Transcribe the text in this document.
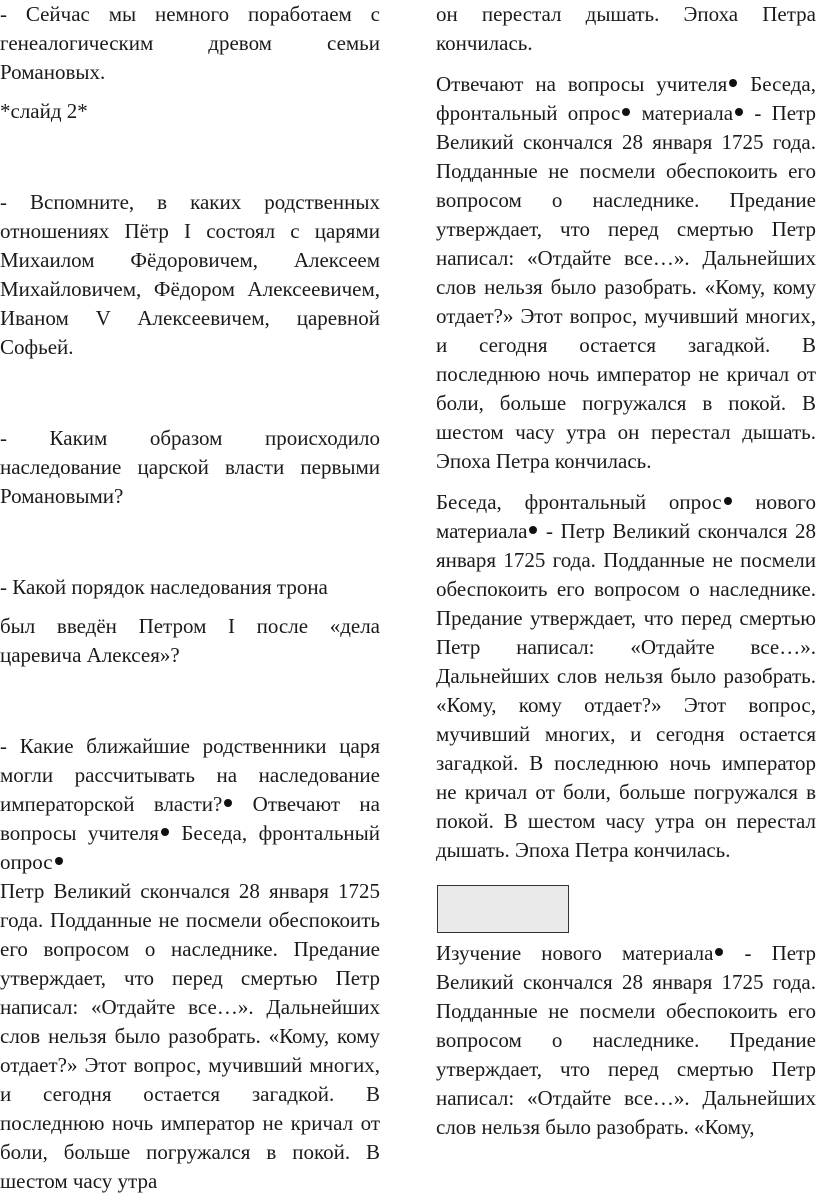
- Сейчас мы немного поработаем с генеалогическим древом семьи Романовых.

*слайд 2*

- Вспомните, в каких родственных отношениях Пётр I состоял с царями Михаилом Фёдоровичем, Алексеем Михайловичем, Фёдором Алексеевичем, Иваном V Алексеевичем, царевной Софьей.

- Каким образом происходило наследование царской власти первыми Романовыми?

- Какой порядок наследования трона

был введён Петром I после «дела царевича Алексея»?

- Какие ближайшие родственники царя могли рассчитывать на наследование императорской власти? Отвечают на вопросы учителя Беседа, фронтальный опрос

Петр Великий скончался 28 января 1725 года. Подданные не посмели обеспокоить его вопросом о наследнике. Предание утверждает, что перед смертью Петр написал: «Отдайте все…». Дальнейших слов нельзя было разобрать. «Кому, кому отдает?» Этот вопрос, мучивший многих, и сегодня остается загадкой. В последнюю ночь император не кричал от боли, больше погружался в покой. В шестом часу утра

он перестал дышать. Эпоха Петра кончилась.

Отвечают на вопросы учителя Беседа, фронтальный опрос материала - Петр Великий скончался 28 января 1725 года. Подданные не посмели обеспокоить его вопросом о наследнике. Предание утверждает, что перед смертью Петр написал: «Отдайте все…». Дальнейших слов нельзя было разобрать. «Кому, кому отдает?» Этот вопрос, мучивший многих, и сегодня остается загадкой. В последнюю ночь император не кричал от боли, больше погружался в покой. В шестом часу утра он перестал дышать. Эпоха Петра кончилась.

Беседа, фронтальный опрос нового материала - Петр Великий скончался 28 января 1725 года. Подданные не посмели обеспокоить его вопросом о наследнике. Предание утверждает, что перед смертью Петр написал: «Отдайте все…». Дальнейших слов нельзя было разобрать. «Кому, кому отдает?» Этот вопрос, мучивший многих, и сегодня остается загадкой. В последнюю ночь император не кричал от боли, больше погружался в покой. В шестом часу утра он перестал дышать. Эпоха Петра кончилась.

Изучение нового материала - Петр Великий скончался 28 января 1725 года. Подданные не посмели обеспокоить его вопросом о наследнике. Предание утверждает, что перед смертью Петр написал: «Отдайте все…». Дальнейших слов нельзя было разобрать. «Кому,
